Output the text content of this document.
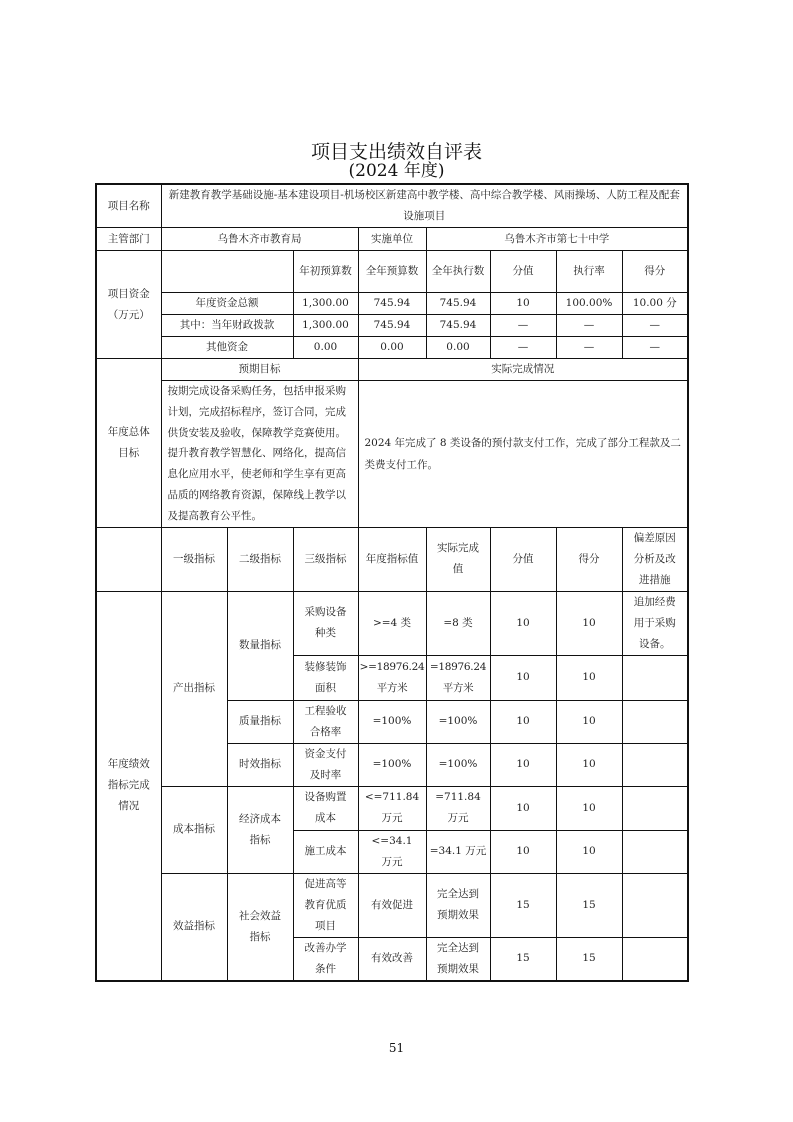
项目支出绩效自评表
(2024 年度)
项目名称	新建教育教学基础设施-基本建设项目-机场校区新建高中教学楼、高中综合教学楼、风雨操场、人防工程及配套设施项目							
主管部门	乌鲁木齐市教育局			实施单位	乌鲁木齐市第七十中学			

项目资金
（万元）			年初预算数	全年预算数	全年执行数	分值	执行率	得分
	年度资金总额		1,300.00	745.94	745.94	10	100.00%	10.00 分
	其中：当年财政拨款		1,300.00	745.94	745.94	—	—	—
	其他资金		0.00	0.00	0.00	—	—	—

年度总体
目标	预期目标			实际完成情况				
	按期完成设备采购任务，包括申报采购计划，完成招标程序，签订合同，完成供货安装及验收，保障教学竞赛使用。提升教育教学智慧化、网络化，提高信息化应用水平，使老师和学生享有更高品质的网络教育资源，保障线上教学以及提高教育公平性。			2024 年完成了 8 类设备的预付款支付工作，完成了部分工程款及二类费支付工作。				
	一级指标	二级指标	三级指标	年度指标值	实际完成值	分值	得分	偏差原因分析及改进措施

年度绩效
指标完成
情况	产出指标	数量指标	采购设备种类	>=4 类	=8 类	10	10	追加经费用于采购设备。
			装修装饰面积	>=18976.24 平方米	=18976.24 平方米	10	10	
		质量指标	工程验收合格率	=100%	=100%	10	10	
		时效指标	资金支付及时率	=100%	=100%	10	10	
	成本指标	经济成本指标	设备购置成本	<=711.84 万元	=711.84 万元	10	10	
			施工成本	<=34.1 万元	=34.1 万元	10	10	
	效益指标	社会效益指标	促进高等教育优质项目	有效促进	完全达到预期效果	15	15	
			改善办学条件	有效改善	完全达到预期效果	15	15	
51
